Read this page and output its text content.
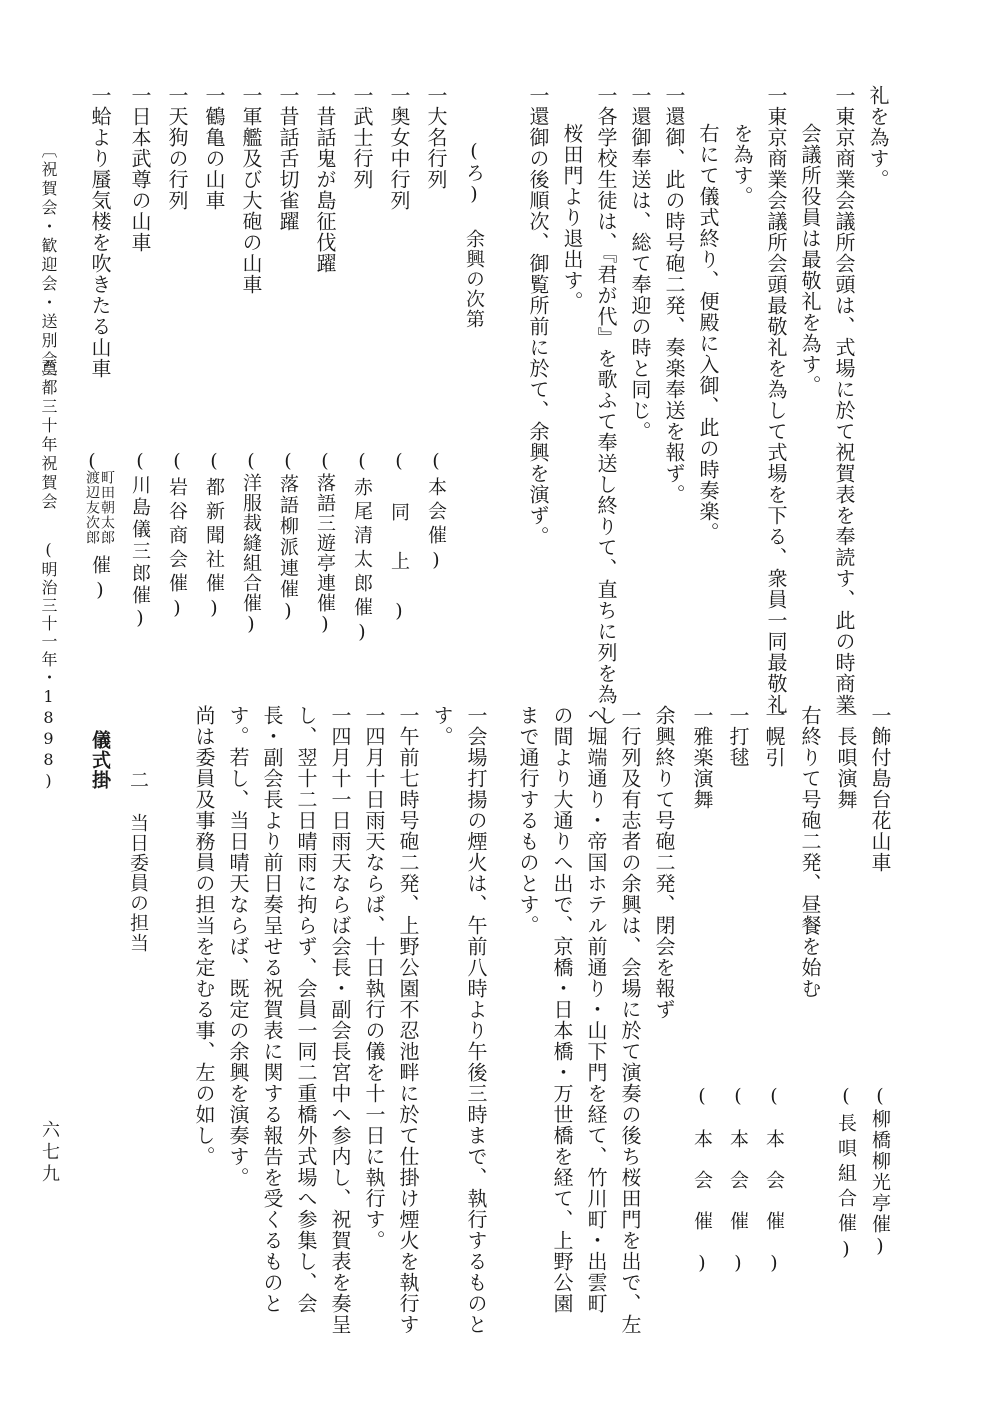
礼を為す。
一東京商業会議所会頭は、式場に於て祝賀表を奉読す、此の時商業
会議所役員は最敬礼を為す。
一東京商業会議所会頭最敬礼を為して式場を下る、衆員一同最敬礼
を為す。
右にて儀式終り、便殿に入御、此の時奏楽。
一還御、此の時号砲二発、奏楽奉送を報ず。
一還御奉送は、総て奉迎の時と同じ。
一各学校生徒は、『君が代』を歌ふて奉送し終りて、直ちに列を為し
桜田門より退出す。
一還御の後順次、御覧所前に於て、余興を演ず。
(ろ) 余興の次第
一大名行列
(本会催)
一奥女中行列
(同上)
一武士行列
(赤尾清太郎催)
一昔話鬼が島征伐躍
(落語三遊亭連催)
一昔話舌切雀躍
(落語柳派連催)
一軍艦及び大砲の山車
(洋服裁縫組合催)
一鶴亀の山車
(都新聞社催)
一天狗の行列
(岩谷商会催)
一日本武尊の山車
(川島儀三郎催)
一蛤より蜃気楼を吹きたる山車
(
渡辺友次郎 町田朝太郎
催)
〔祝賀会・歓迎会・送別会〕
奠都三十年祝賀会
(明治三十一年・1898)	一飾付島台花山車
(柳橋柳光亭催)
一長唄演舞
(長唄組合催)
右終りて号砲二発、昼餐を始む
一幌引
(本会催)
一打毬
(本会催)
一雅楽演舞
(本会催)
余興終りて号砲二発、閉会を報ず
一行列及有志者の余興は、会場に於て演奏の後ち桜田門を出で、左
へ堀端通り・帝国ホテル前通り・山下門を経て、竹川町・出雲町
の間より大通りへ出で、京橋・日本橋・万世橋を経て、上野公園
まで通行するものとす。
一会場打揚の煙火は、午前八時より午後三時まで、執行するものと
す。
一午前七時号砲二発、上野公園不忍池畔に於て仕掛け煙火を執行す
一四月十日雨天ならば、十日執行の儀を十一日に執行す。
一四月十一日雨天ならば会長・副会長宮中へ参内し、祝賀表を奏呈
し、翌十二日晴雨に拘らず、会員一同二重橋外式場へ参集し、会
長・副会長より前日奏呈せる祝賀表に関する報告を受くるものと
す。若し、当日晴天ならば、既定の余興を演奏す。
尚は委員及事務員の担当を定むる事、左の如し。
二 当日委員の担当
儀式掛
六七九
